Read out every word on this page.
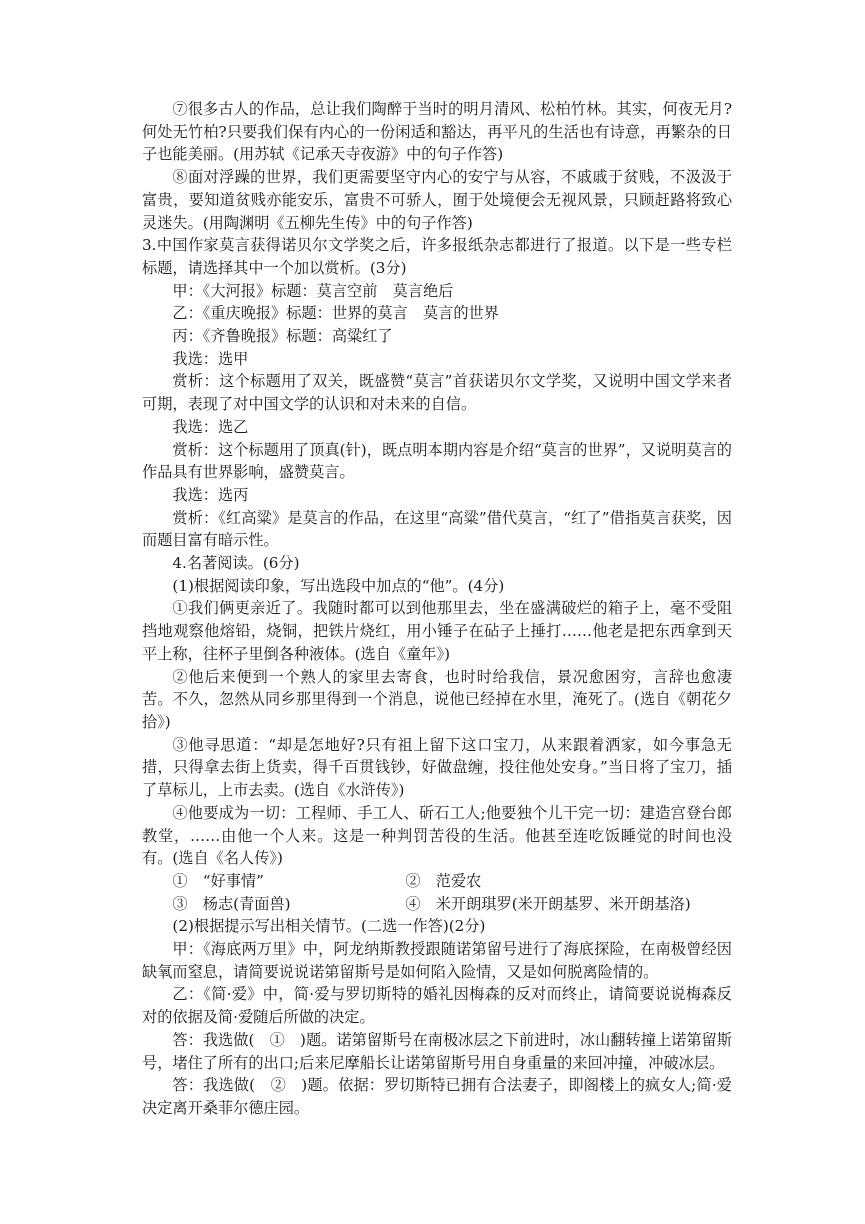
⑦很多古人的作品，总让我们陶醉于当时的明月清风、松柏竹林。其实，何夜无月?何处无竹柏?只要我们保有内心的一份闲适和豁达，再平凡的生活也有诗意，再繁杂的日子也能美丽。(用苏轼《记承天寺夜游》中的句子作答)

⑧面对浮躁的世界，我们更需要坚守内心的安宁与从容，不戚戚于贫贱，不汲汲于富贵，要知道贫贱亦能安乐，富贵不可骄人，囿于处境便会无视风景，只顾赶路将致心灵迷失。(用陶渊明《五柳先生传》中的句子作答)

3.中国作家莫言获得诺贝尔文学奖之后，许多报纸杂志都进行了报道。以下是一些专栏标题，请选择其中一个加以赏析。(3分)

甲：《大河报》标题：莫言空前　莫言绝后

乙：《重庆晚报》标题：世界的莫言　莫言的世界

丙：《齐鲁晚报》标题：高粱红了

我选：选甲

赏析：这个标题用了双关，既盛赞“莫言”首获诺贝尔文学奖，又说明中国文学来者可期，表现了对中国文学的认识和对未来的自信。

我选：选乙

赏析：这个标题用了顶真(针)，既点明本期内容是介绍“莫言的世界”，又说明莫言的作品具有世界影响，盛赞莫言。

我选：选丙

赏析：《红高粱》是莫言的作品，在这里“高粱”借代莫言，“红了”借指莫言获奖，因而题目富有暗示性。

4.名著阅读。(6分)

(1)根据阅读印象，写出选段中加点的“他”。(4分)

①我们俩更亲近了。我随时都可以到他那里去，坐在盛满破烂的箱子上，毫不受阻挡地观察他熔铅，烧铜，把铁片烧红，用小锤子在砧子上捶打……他老是把东西拿到天平上称，往杯子里倒各种液体。(选自《童年》)

②他后来便到一个熟人的家里去寄食，也时时给我信，景况愈困穷，言辞也愈凄苦。不久，忽然从同乡那里得到一个消息，说他已经掉在水里，淹死了。(选自《朝花夕拾》)

③他寻思道：“却是怎地好?只有祖上留下这口宝刀，从来跟着洒家，如今事急无措，只得拿去街上货卖，得千百贯钱钞，好做盘缠，投往他处安身。”当日将了宝刀，插了草标儿，上市去卖。(选自《水浒传》)

④他要成为一切：工程师、手工人、斫石工人;他要独个儿干完一切：建造宫登台郎教堂，……由他一个人来。这是一种判罚苦役的生活。他甚至连吃饭睡觉的时间也没有。(选自《名人传》)

①　“好事情”	②　范爱农
③　杨志(青面兽)	④　米开朗琪罗(米开朗基罗、米开朗基洛)

(2)根据提示写出相关情节。(二选一作答)(2分)

甲：《海底两万里》中，阿龙纳斯教授跟随诺第留号进行了海底探险，在南极曾经因缺氧而窒息，请简要说说诺第留斯号是如何陷入险情，又是如何脱离险情的。

乙：《简·爱》中，简·爱与罗切斯特的婚礼因梅森的反对而终止，请简要说说梅森反对的依据及简·爱随后所做的决定。

答：我选做(　①　)题。诺第留斯号在南极冰层之下前进时，冰山翻转撞上诺第留斯号，堵住了所有的出口;后来尼摩船长让诺第留斯号用自身重量的来回冲撞，冲破冰层。

答：我选做(　②　)题。依据：罗切斯特已拥有合法妻子，即阁楼上的疯女人;简·爱决定离开桑菲尔德庄园。
